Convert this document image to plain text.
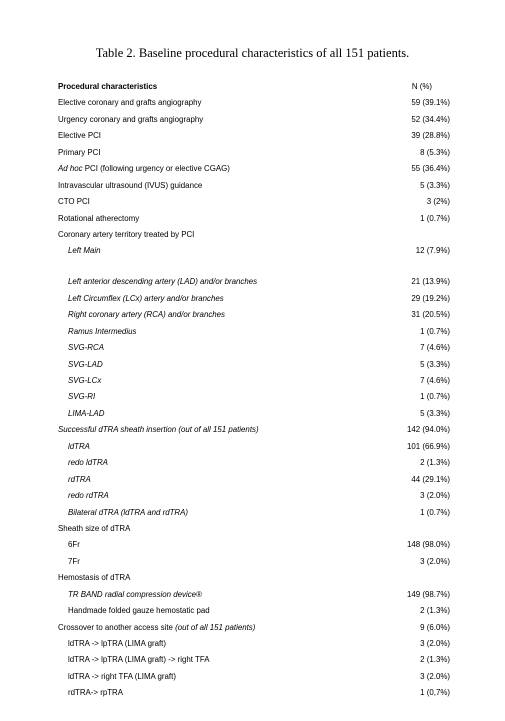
Table 2. Baseline procedural characteristics of all 151 patients.
Procedural characteristics	N (%)
Elective coronary and grafts angiography	59 (39.1%)
Urgency coronary and grafts angiography	52 (34.4%)
Elective PCI	39 (28.8%)
Primary PCI	8 (5.3%)
Ad hoc PCI (following urgency or elective CGAG)	55 (36.4%)
Intravascular ultrasound (IVUS) guidance	5 (3.3%)
CTO PCI	3 (2%)
Rotational atherectomy	1 (0.7%)
Coronary artery territory treated by PCI
Left Main	12 (7.9%)
Left anterior descending artery (LAD) and/or branches	21 (13.9%)
Left Circumflex (LCx) artery and/or branches	29 (19.2%)
Right coronary artery (RCA) and/or branches	31 (20.5%)
Ramus Intermedius	1 (0.7%)
SVG-RCA	7 (4.6%)
SVG-LAD	5 (3.3%)
SVG-LCx	7 (4.6%)
SVG-RI	1 (0.7%)
LIMA-LAD	5 (3.3%)
Successful dTRA sheath insertion (out of all 151 patients)	142 (94.0%)
ldTRA	101 (66.9%)
redo ldTRA	2 (1.3%)
rdTRA	44 (29.1%)
redo rdTRA	3 (2.0%)
Bilateral dTRA (ldTRA and rdTRA)	1 (0.7%)
Sheath size of dTRA
6Fr	148 (98.0%)
7Fr	3 (2.0%)
Hemostasis of dTRA
TR BAND radial compression device®	149 (98.7%)
Handmade folded gauze hemostatic pad	2 (1.3%)
Crossover to another access site (out of all 151 patients)	9 (6.0%)
ldTRA -> lpTRA (LIMA graft)	3 (2.0%)
ldTRA -> lpTRA (LIMA graft) -> right TFA	2 (1.3%)
ldTRA -> right TFA (LIMA graft)	3 (2.0%)
rdTRA-> rpTRA	1 (0,7%)
